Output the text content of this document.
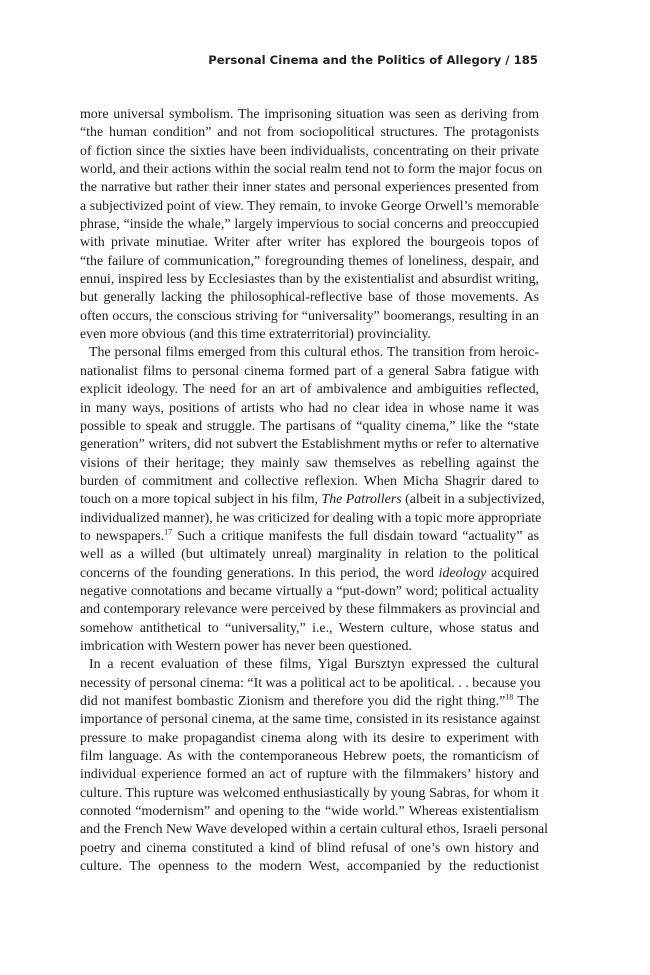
Personal Cinema and the Politics of Allegory / 185

more universal symbolism. The imprisoning situation was seen as deriving from
“the human condition” and not from sociopolitical structures. The protagonists
of fiction since the sixties have been individualists, concentrating on their private
world, and their actions within the social realm tend not to form the major focus on
the narrative but rather their inner states and personal experiences presented from
a subjectivized point of view. They remain, to invoke George Orwell’s memorable
phrase, “inside the whale,” largely impervious to social concerns and preoccupied
with private minutiae. Writer after writer has explored the bourgeois topos of
“the failure of communication,” foregrounding themes of loneliness, despair, and
ennui, inspired less by Ecclesiastes than by the existentialist and absurdist writing,
but generally lacking the philosophical-reflective base of those movements. As
often occurs, the conscious striving for “universality” boomerangs, resulting in an
even more obvious (and this time extraterritorial) provinciality.

The personal films emerged from this cultural ethos. The transition from heroic-
nationalist films to personal cinema formed part of a general Sabra fatigue with
explicit ideology. The need for an art of ambivalence and ambiguities reflected,
in many ways, positions of artists who had no clear idea in whose name it was
possible to speak and struggle. The partisans of “quality cinema,” like the “state
generation” writers, did not subvert the Establishment myths or refer to alternative
visions of their heritage; they mainly saw themselves as rebelling against the
burden of commitment and collective reflexion. When Micha Shagrir dared to
touch on a more topical subject in his film, The Patrollers (albeit in a subjectivized,
individualized manner), he was criticized for dealing with a topic more appropriate
to newspapers.$^{17}$ Such a critique manifests the full disdain toward “actuality” as
well as a willed (but ultimately unreal) marginality in relation to the political
concerns of the founding generations. In this period, the word ideology acquired
negative connotations and became virtually a “put-down” word; political actuality
and contemporary relevance were perceived by these filmmakers as provincial and
somehow antithetical to “universality,” i.e., Western culture, whose status and
imbrication with Western power has never been questioned.

In a recent evaluation of these films, Yigal Bursztyn expressed the cultural
necessity of personal cinema: “It was a political act to be apolitical. . . because you
did not manifest bombastic Zionism and therefore you did the right thing.”$^{18}$ The
importance of personal cinema, at the same time, consisted in its resistance against
pressure to make propagandist cinema along with its desire to experiment with
film language. As with the contemporaneous Hebrew poets, the romanticism of
individual experience formed an act of rupture with the filmmakers’ history and
culture. This rupture was welcomed enthusiastically by young Sabras, for whom it
connoted “modernism” and opening to the “wide world.” Whereas existentialism
and the French New Wave developed within a certain cultural ethos, Israeli personal
poetry and cinema constituted a kind of blind refusal of one’s own history and
culture. The openness to the modern West, accompanied by the reductionist
